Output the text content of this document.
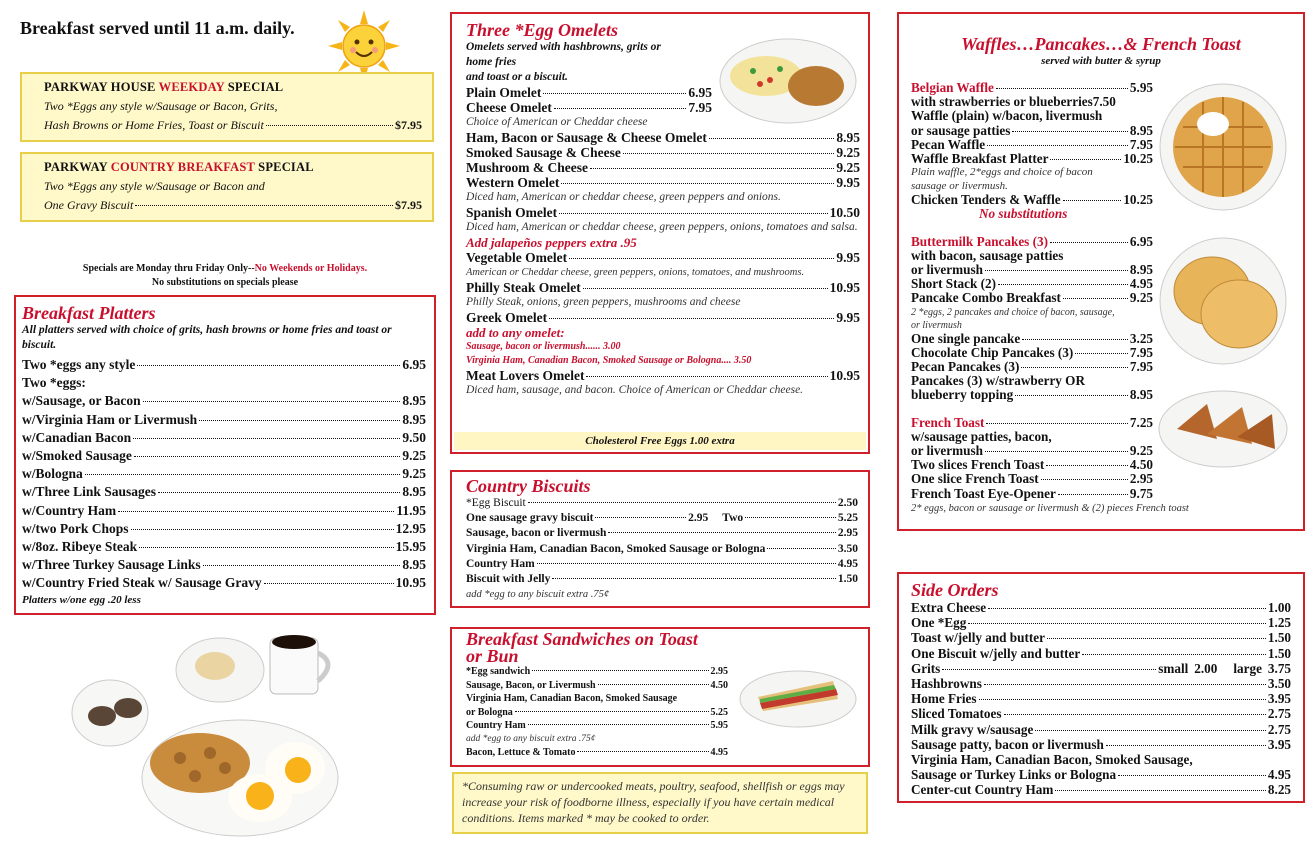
Breakfast served until 11 a.m. daily.
PARKWAY HOUSE WEEKDAY SPECIAL
Two *Eggs any style w/Sausage or Bacon, Grits,
Hash Browns or Home Fries, Toast or Biscuit	$7.95
PARKWAY COUNTRY BREAKFAST SPECIAL
Two *Eggs any style w/Sausage or Bacon and
One Gravy Biscuit	$7.95
Specials are Monday thru Friday Only--No Weekends or Holidays.
No substitutions on specials please
Breakfast Platters
All platters served with choice of grits, hash browns or home fries and toast or biscuit.
Two *eggs any style	6.95
Two *eggs:
w/Sausage, or Bacon	8.95
w/Virginia Ham or Livermush	8.95
w/Canadian Bacon	9.50
w/Smoked Sausage	9.25
w/Bologna	9.25
w/Three Link Sausages	8.95
w/Country Ham	11.95
w/two Pork Chops	12.95
w/8oz. Ribeye Steak	15.95
w/Three Turkey Sausage Links	8.95
w/Country Fried Steak w/ Sausage Gravy	10.95
Platters w/one egg .20 less
Three *Egg Omelets
Omelets served with hashbrowns, grits or
home fries
and toast or a biscuit.
Plain Omelet	6.95
Cheese Omelet	7.95
Choice of American or Cheddar cheese
Ham, Bacon or Sausage & Cheese Omelet	8.95
Smoked Sausage & Cheese	9.25
Mushroom & Cheese	9.25
Western Omelet	9.95
Diced ham, American or cheddar cheese, green peppers and onions.
Spanish Omelet	10.50
Diced ham, American or cheddar cheese, green peppers, onions, tomatoes and salsa.
Add jalapeños peppers extra .95
Vegetable Omelet	9.95
American or Cheddar cheese, green peppers, onions, tomatoes, and mushrooms.
Philly Steak Omelet	10.95
Philly Steak, onions, green peppers, mushrooms and cheese
Greek Omelet	9.95
add to any omelet:
Sausage, bacon or livermush...... 3.00
Virginia Ham, Canadian Bacon, Smoked Sausage or Bologna.... 3.50
Meat Lovers Omelet	10.95
Diced ham, sausage, and bacon. Choice of American or Cheddar cheese.
Cholesterol Free Eggs 1.00 extra
Country Biscuits
*Egg Biscuit	2.50
One sausage gravy biscuit	2.95 Two	5.25
Sausage, bacon or livermush	2.95
Virginia Ham, Canadian Bacon, Smoked Sausage or Bologna	3.50
Country Ham	4.95
Biscuit with Jelly	1.50
add *egg to any biscuit extra .75¢
Breakfast Sandwiches on Toast
or Bun
*Egg sandwich	2.95
Sausage, Bacon, or Livermush	4.50
Virginia Ham, Canadian Bacon, Smoked Sausage
or Bologna	5.25
Country Ham	5.95
add *egg to any biscuit extra .75¢
Bacon, Lettuce & Tomato	4.95
*Consuming raw or undercooked meats, poultry, seafood, shellfish or eggs may increase your risk of foodborne illness, especially if you have certain medical conditions. Items marked * may be cooked to order.
Waffles…Pancakes…& French Toast
served with butter & syrup
Belgian Waffle	5.95
with strawberries or blueberries 7.50
Waffle (plain) w/bacon, livermush
or sausage patties	8.95
Pecan Waffle	7.95
Waffle Breakfast Platter	10.25
Plain waffle, 2*eggs and choice of bacon sausage or livermush.
Chicken Tenders & Waffle	10.25
No substitutions
Buttermilk Pancakes (3)	6.95
with bacon, sausage patties
or livermush	8.95
Short Stack (2)	4.95
Pancake Combo Breakfast	9.25
2 *eggs, 2 pancakes and choice of bacon, sausage, or livermush
One single pancake	3.25
Chocolate Chip Pancakes (3)	7.95
Pecan Pancakes (3)	7.95
Pancakes (3) w/strawberry OR
blueberry topping	8.95
French Toast	7.25
w/sausage patties, bacon,
or livermush	9.25
Two slices French Toast	4.50
One slice French Toast	2.95
French Toast Eye-Opener	9.75
2* eggs, bacon or sausage or livermush & (2) pieces French toast
Side Orders
Extra Cheese	1.00
One *Egg	1.25
Toast w/jelly and butter	1.50
One Biscuit w/jelly and butter	1.50
Grits	small 2.00 large 3.75
Hashbrowns	3.50
Home Fries	3.95
Sliced Tomatoes	2.75
Milk gravy w/sausage	2.75
Sausage patty, bacon or livermush	3.95
Virginia Ham, Canadian Bacon, Smoked Sausage,
Sausage or Turkey Links or Bologna	4.95
Center-cut Country Ham	8.25
